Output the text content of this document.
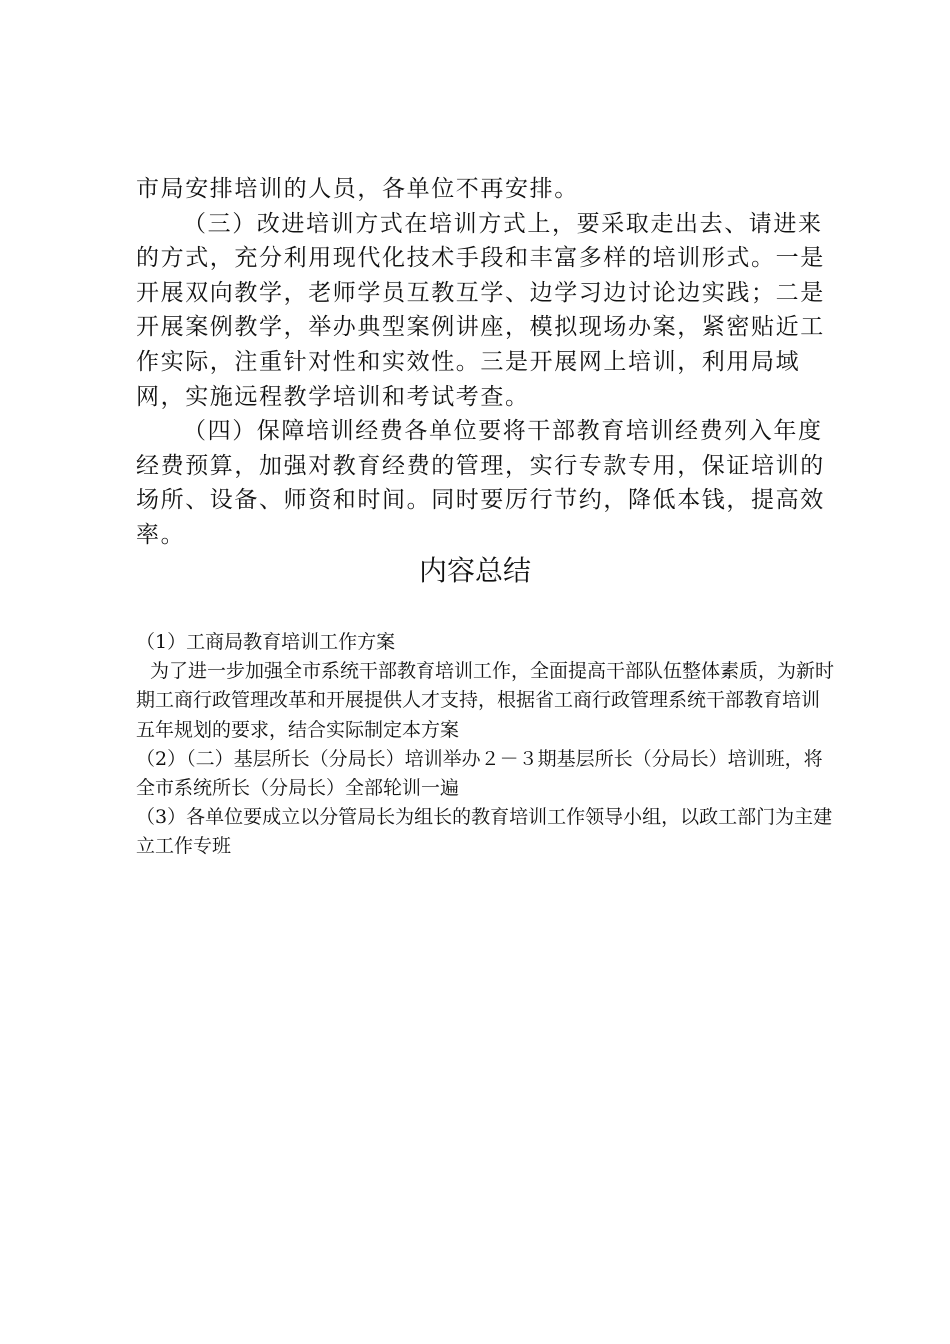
市局安排培训的人员，各单位不再安排。

（三）改进培训方式在培训方式上，要采取走出去、请进来的方式，充分利用现代化技术手段和丰富多样的培训形式。一是开展双向教学，老师学员互教互学、边学习边讨论边实践；二是开展案例教学，举办典型案例讲座，模拟现场办案，紧密贴近工作实际，注重针对性和实效性。三是开展网上培训，利用局域网，实施远程教学培训和考试考查。

（四）保障培训经费各单位要将干部教育培训经费列入年度经费预算，加强对教育经费的管理，实行专款专用，保证培训的场所、设备、师资和时间。同时要厉行节约，降低本钱，提高效率。

内容总结

（1）工商局教育培训工作方案

为了进一步加强全市系统干部教育培训工作，全面提高干部队伍整体素质，为新时期工商行政管理改革和开展提供人才支持，根据省工商行政管理系统干部教育培训五年规划的要求，结合实际制定本方案

（2）（二）基层所长（分局长）培训举办２－３期基层所长（分局长）培训班，将全市系统所长（分局长）全部轮训一遍

（3）各单位要成立以分管局长为组长的教育培训工作领导小组，以政工部门为主建立工作专班
